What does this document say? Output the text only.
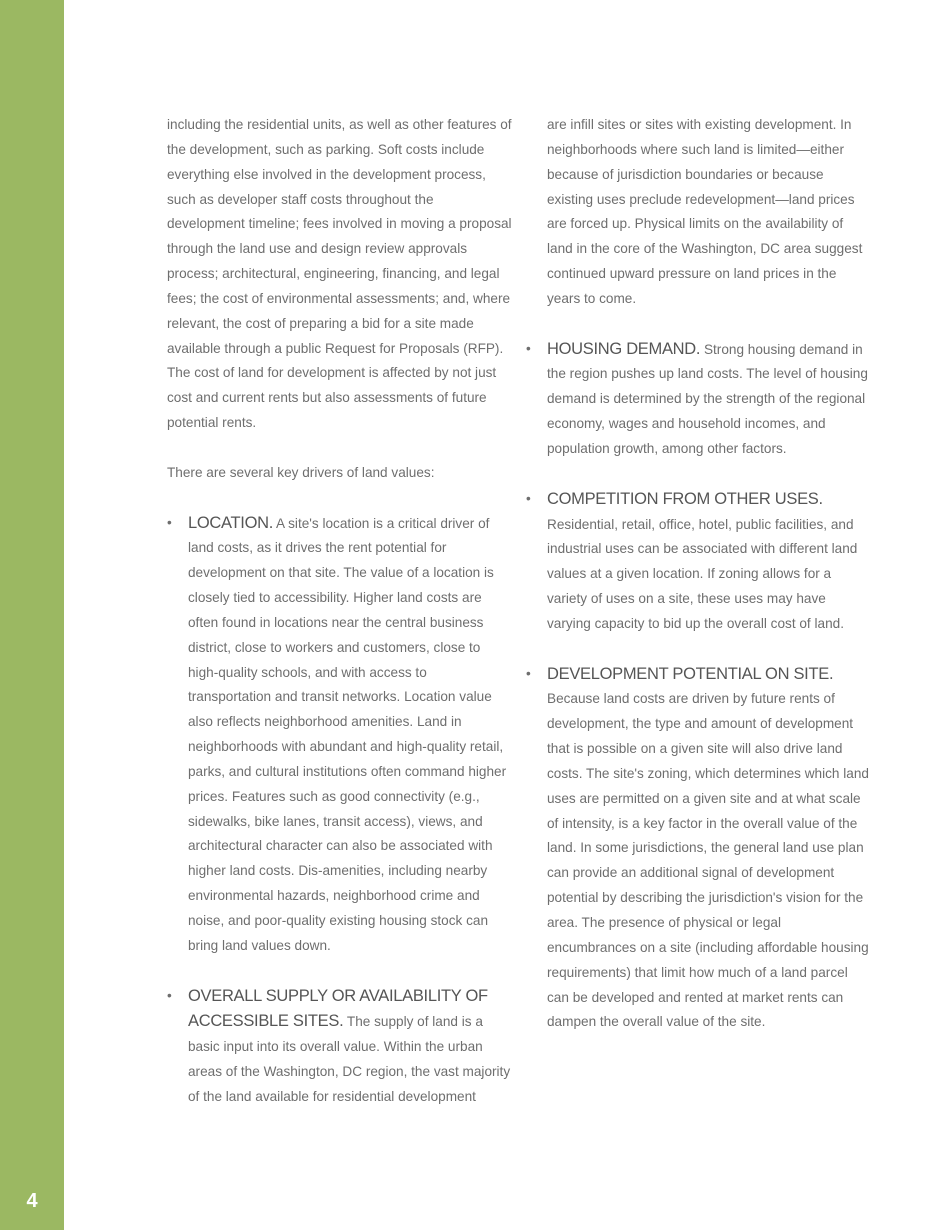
4

including the residential units, as well as other features of the development, such as parking. Soft costs include everything else involved in the development process, such as developer staff costs throughout the development timeline; fees involved in moving a proposal through the land use and design review approvals process; architectural, engineering, financing, and legal fees; the cost of environmental assessments; and, where relevant, the cost of preparing a bid for a site made available through a public Request for Proposals (RFP). The cost of land for development is affected by not just cost and current rents but also assessments of future potential rents.

There are several key drivers of land values:

• LOCATION. A site's location is a critical driver of land costs, as it drives the rent potential for development on that site. The value of a location is closely tied to accessibility. Higher land costs are often found in locations near the central business district, close to workers and customers, close to high-quality schools, and with access to transportation and transit networks. Location value also reflects neighborhood amenities. Land in neighborhoods with abundant and high-quality retail, parks, and cultural institutions often command higher prices. Features such as good connectivity (e.g., sidewalks, bike lanes, transit access), views, and architectural character can also be associated with higher land costs. Dis-amenities, including nearby environmental hazards, neighborhood crime and noise, and poor-quality existing housing stock can bring land values down.
• OVERALL SUPPLY OR AVAILABILITY OF ACCESSIBLE SITES. The supply of land is a basic input into its overall value. Within the urban areas of the Washington, DC region, the vast majority of the land available for residential development

are infill sites or sites with existing development. In neighborhoods where such land is limited—either because of jurisdiction boundaries or because existing uses preclude redevelopment—land prices are forced up. Physical limits on the availability of land in the core of the Washington, DC area suggest continued upward pressure on land prices in the years to come.

• HOUSING DEMAND. Strong housing demand in the region pushes up land costs. The level of housing demand is determined by the strength of the regional economy, wages and household incomes, and population growth, among other factors.
• COMPETITION FROM OTHER USES. Residential, retail, office, hotel, public facilities, and industrial uses can be associated with different land values at a given location. If zoning allows for a variety of uses on a site, these uses may have varying capacity to bid up the overall cost of land.
• DEVELOPMENT POTENTIAL ON SITE. Because land costs are driven by future rents of development, the type and amount of development that is possible on a given site will also drive land costs. The site's zoning, which determines which land uses are permitted on a given site and at what scale of intensity, is a key factor in the overall value of the land. In some jurisdictions, the general land use plan can provide an additional signal of development potential by describing the jurisdiction's vision for the area. The presence of physical or legal encumbrances on a site (including affordable housing requirements) that limit how much of a land parcel can be developed and rented at market rents can dampen the overall value of the site.
